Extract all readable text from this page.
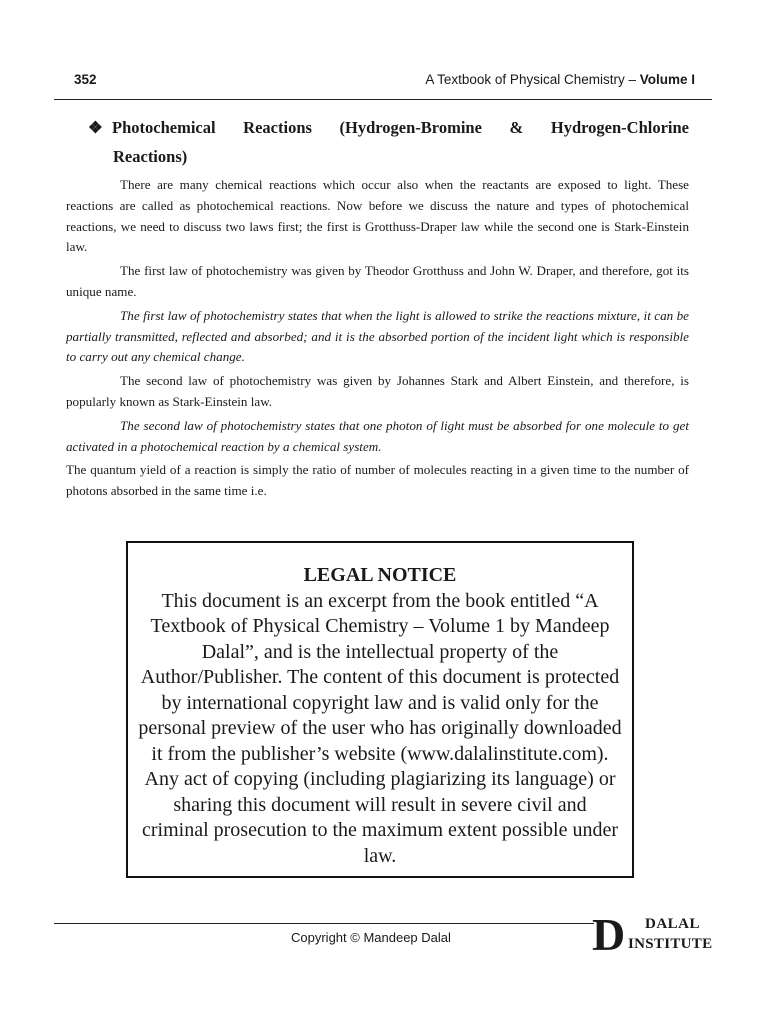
352	A Textbook of Physical Chemistry – Volume I
❖ Photochemical Reactions (Hydrogen-Bromine & Hydrogen-Chlorine
Reactions)

There are many chemical reactions which occur also when the reactants are exposed to light. These reactions are called as photochemical reactions. Now before we discuss the nature and types of photochemical reactions, we need to discuss two laws first; the first is Grotthuss-Draper law while the second one is Stark-Einstein law.

The first law of photochemistry was given by Theodor Grotthuss and John W. Draper, and therefore, got its unique name.

The first law of photochemistry states that when the light is allowed to strike the reactions mixture, it can be partially transmitted, reflected and absorbed; and it is the absorbed portion of the incident light which is responsible to carry out any chemical change.

The second law of photochemistry was given by Johannes Stark and Albert Einstein, and therefore, is popularly known as Stark-Einstein law.

The second law of photochemistry states that one photon of light must be absorbed for one molecule to get activated in a photochemical reaction by a chemical system.

The quantum yield of a reaction is simply the ratio of number of molecules reacting in a given time to the number of photons absorbed in the same time i.e.

LEGAL NOTICE
This document is an excerpt from the book entitled “A Textbook of Physical Chemistry – Volume 1 by Mandeep Dalal”, and is the intellectual property of the Author/Publisher. The content of this document is protected by international copyright law and is valid only for the personal preview of the user who has originally downloaded it from the publisher’s website (www.dalalinstitute.com). Any act of copying (including plagiarizing its language) or sharing this document will result in severe civil and criminal prosecution to the maximum extent possible under law.
Copyright © Mandeep Dalal	D DALAL
INSTITUTE
